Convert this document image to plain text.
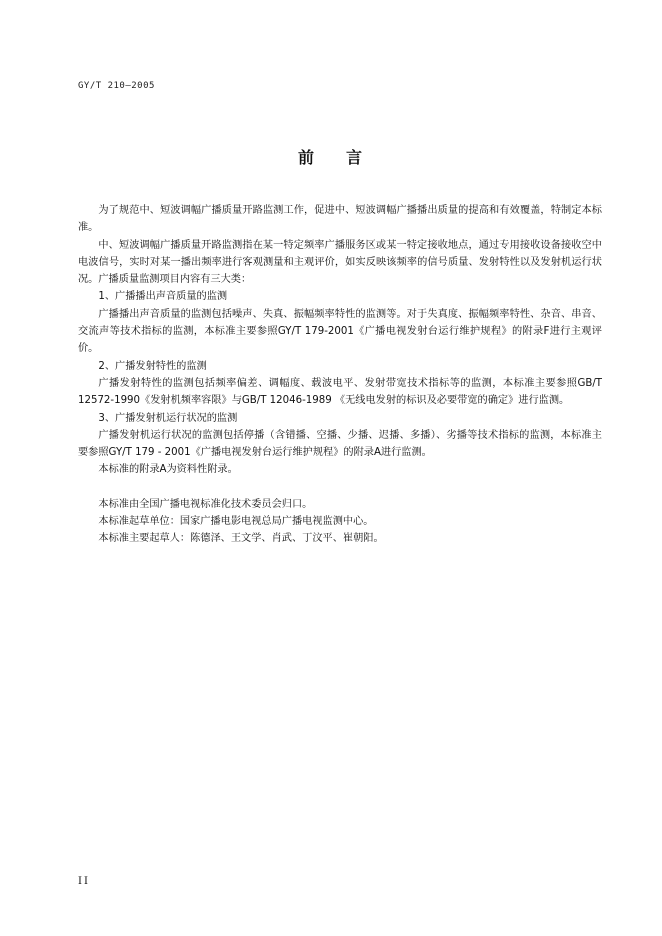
GY/T 210—2005
前 言

为了规范中、短波调幅广播质量开路监测工作，促进中、短波调幅广播播出质量的提高和有效覆盖，特制定本标准。

中、短波调幅广播质量开路监测指在某一特定频率广播服务区或某一特定接收地点，通过专用接收设备接收空中电波信号，实时对某一播出频率进行客观测量和主观评价，如实反映该频率的信号质量、发射特性以及发射机运行状况。广播质量监测项目内容有三大类：

1、广播播出声音质量的监测

广播播出声音质量的监测包括噪声、失真、振幅频率特性的监测等。对于失真度、振幅频率特性、杂音、串音、交流声等技术指标的监测，本标准主要参照GY/T 179-2001《广播电视发射台运行维护规程》的附录F进行主观评价。

2、广播发射特性的监测

广播发射特性的监测包括频率偏差、调幅度、载波电平、发射带宽技术指标等的监测，本标准主要参照GB/T 12572-1990《发射机频率容限》与GB/T 12046-1989 《无线电发射的标识及必要带宽的确定》进行监测。

3、广播发射机运行状况的监测

广播发射机运行状况的监测包括停播（含错播、空播、少播、迟播、多播）、劣播等技术指标的监测，本标准主要参照GY/T 179 - 2001《广播电视发射台运行维护规程》的附录A进行监测。

本标准的附录A为资料性附录。

本标准由全国广播电视标准化技术委员会归口。

本标准起草单位：国家广播电影电视总局广播电视监测中心。

本标准主要起草人：陈德泽、王文学、肖武、丁汶平、崔朝阳。

II
